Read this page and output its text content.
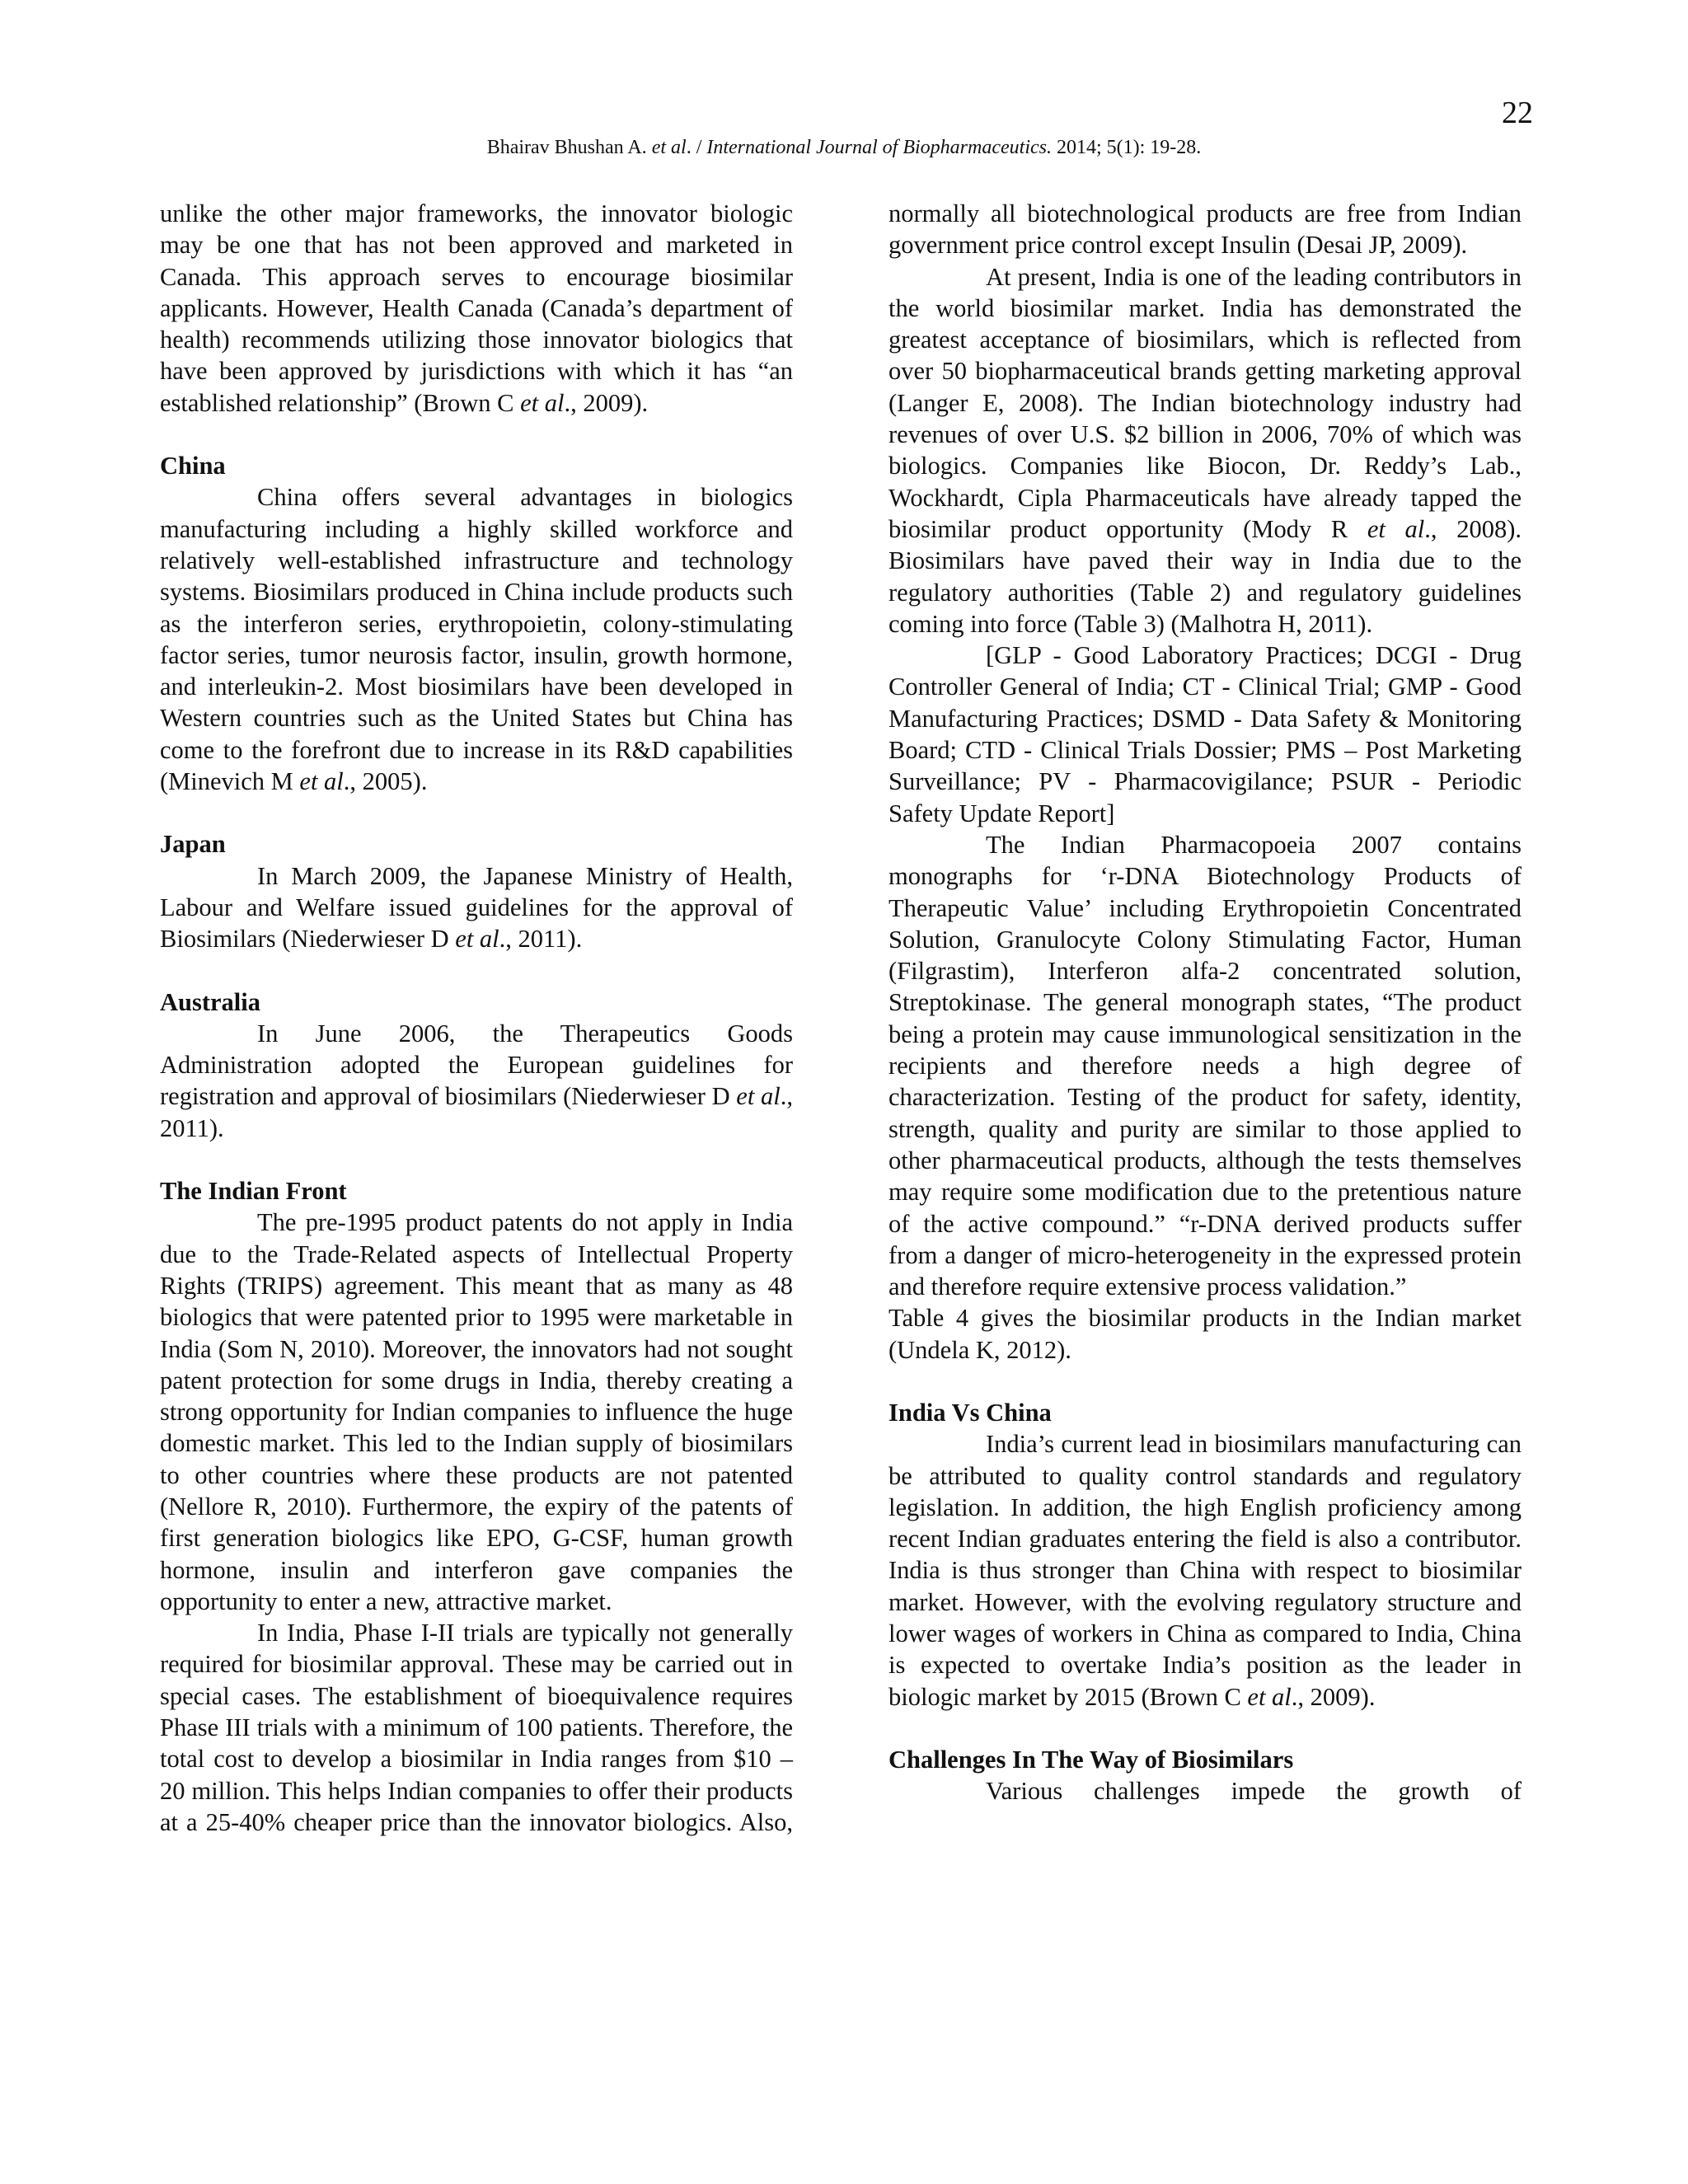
22
Bhairav Bhushan A. et al. / International Journal of Biopharmaceutics. 2014; 5(1): 19-28.

unlike the other major frameworks, the innovator biologic may be one that has not been approved and marketed in Canada. This approach serves to encourage biosimilar applicants. However, Health Canada (Canada’s department of health) recommends utilizing those innovator biologics that have been approved by jurisdictions with which it has “an established relationship” (Brown C et al., 2009).

China

China offers several advantages in biologics manufacturing including a highly skilled workforce and relatively well-established infrastructure and technology systems. Biosimilars produced in China include products such as the interferon series, erythropoietin, colony-stimulating factor series, tumor neurosis factor, insulin, growth hormone, and interleukin-2. Most biosimilars have been developed in Western countries such as the United States but China has come to the forefront due to increase in its R&D capabilities (Minevich M et al., 2005).

Japan

In March 2009, the Japanese Ministry of Health, Labour and Welfare issued guidelines for the approval of Biosimilars (Niederwieser D et al., 2011).

Australia

In June 2006, the Therapeutics Goods Administration adopted the European guidelines for registration and approval of biosimilars (Niederwieser D et al., 2011).

The Indian Front

The pre-1995 product patents do not apply in India due to the Trade-Related aspects of Intellectual Property Rights (TRIPS) agreement. This meant that as many as 48 biologics that were patented prior to 1995 were marketable in India (Som N, 2010). Moreover, the innovators had not sought patent protection for some drugs in India, thereby creating a strong opportunity for Indian companies to influence the huge domestic market. This led to the Indian supply of biosimilars to other countries where these products are not patented (Nellore R, 2010). Furthermore, the expiry of the patents of first generation biologics like EPO, G-CSF, human growth hormone, insulin and interferon gave companies the opportunity to enter a new, attractive market.

In India, Phase I-II trials are typically not generally required for biosimilar approval. These may be carried out in special cases. The establishment of bioequivalence requires Phase III trials with a minimum of 100 patients. Therefore, the total cost to develop a biosimilar in India ranges from $10 – 20 million. This helps Indian companies to offer their products at a 25-40% cheaper price than the innovator biologics. Also,

normally all biotechnological products are free from Indian government price control except Insulin (Desai JP, 2009).

At present, India is one of the leading contributors in the world biosimilar market. India has demonstrated the greatest acceptance of biosimilars, which is reflected from over 50 biopharmaceutical brands getting marketing approval (Langer E, 2008). The Indian biotechnology industry had revenues of over U.S. $2 billion in 2006, 70% of which was biologics. Companies like Biocon, Dr. Reddy’s Lab., Wockhardt, Cipla Pharmaceuticals have already tapped the biosimilar product opportunity (Mody R et al., 2008). Biosimilars have paved their way in India due to the regulatory authorities (Table 2) and regulatory guidelines coming into force (Table 3) (Malhotra H, 2011).

[GLP - Good Laboratory Practices; DCGI - Drug Controller General of India; CT - Clinical Trial; GMP - Good Manufacturing Practices; DSMD - Data Safety & Monitoring Board; CTD - Clinical Trials Dossier; PMS – Post Marketing Surveillance; PV - Pharmacovigilance; PSUR - Periodic Safety Update Report]

The Indian Pharmacopoeia 2007 contains monographs for ‘r-DNA Biotechnology Products of Therapeutic Value’ including Erythropoietin Concentrated Solution, Granulocyte Colony Stimulating Factor, Human (Filgrastim), Interferon alfa-2 concentrated solution, Streptokinase. The general monograph states, “The product being a protein may cause immunological sensitization in the recipients and therefore needs a high degree of characterization. Testing of the product for safety, identity, strength, quality and purity are similar to those applied to other pharmaceutical products, although the tests themselves may require some modification due to the pretentious nature of the active compound.” “r-DNA derived products suffer from a danger of micro-heterogeneity in the expressed protein and therefore require extensive process validation.”

Table 4 gives the biosimilar products in the Indian market (Undela K, 2012).

India Vs China

India’s current lead in biosimilars manufacturing can be attributed to quality control standards and regulatory legislation. In addition, the high English proficiency among recent Indian graduates entering the field is also a contributor. India is thus stronger than China with respect to biosimilar market. However, with the evolving regulatory structure and lower wages of workers in China as compared to India, China is expected to overtake India’s position as the leader in biologic market by 2015 (Brown C et al., 2009).

Challenges In The Way of Biosimilars

Various challenges impede the growth of
